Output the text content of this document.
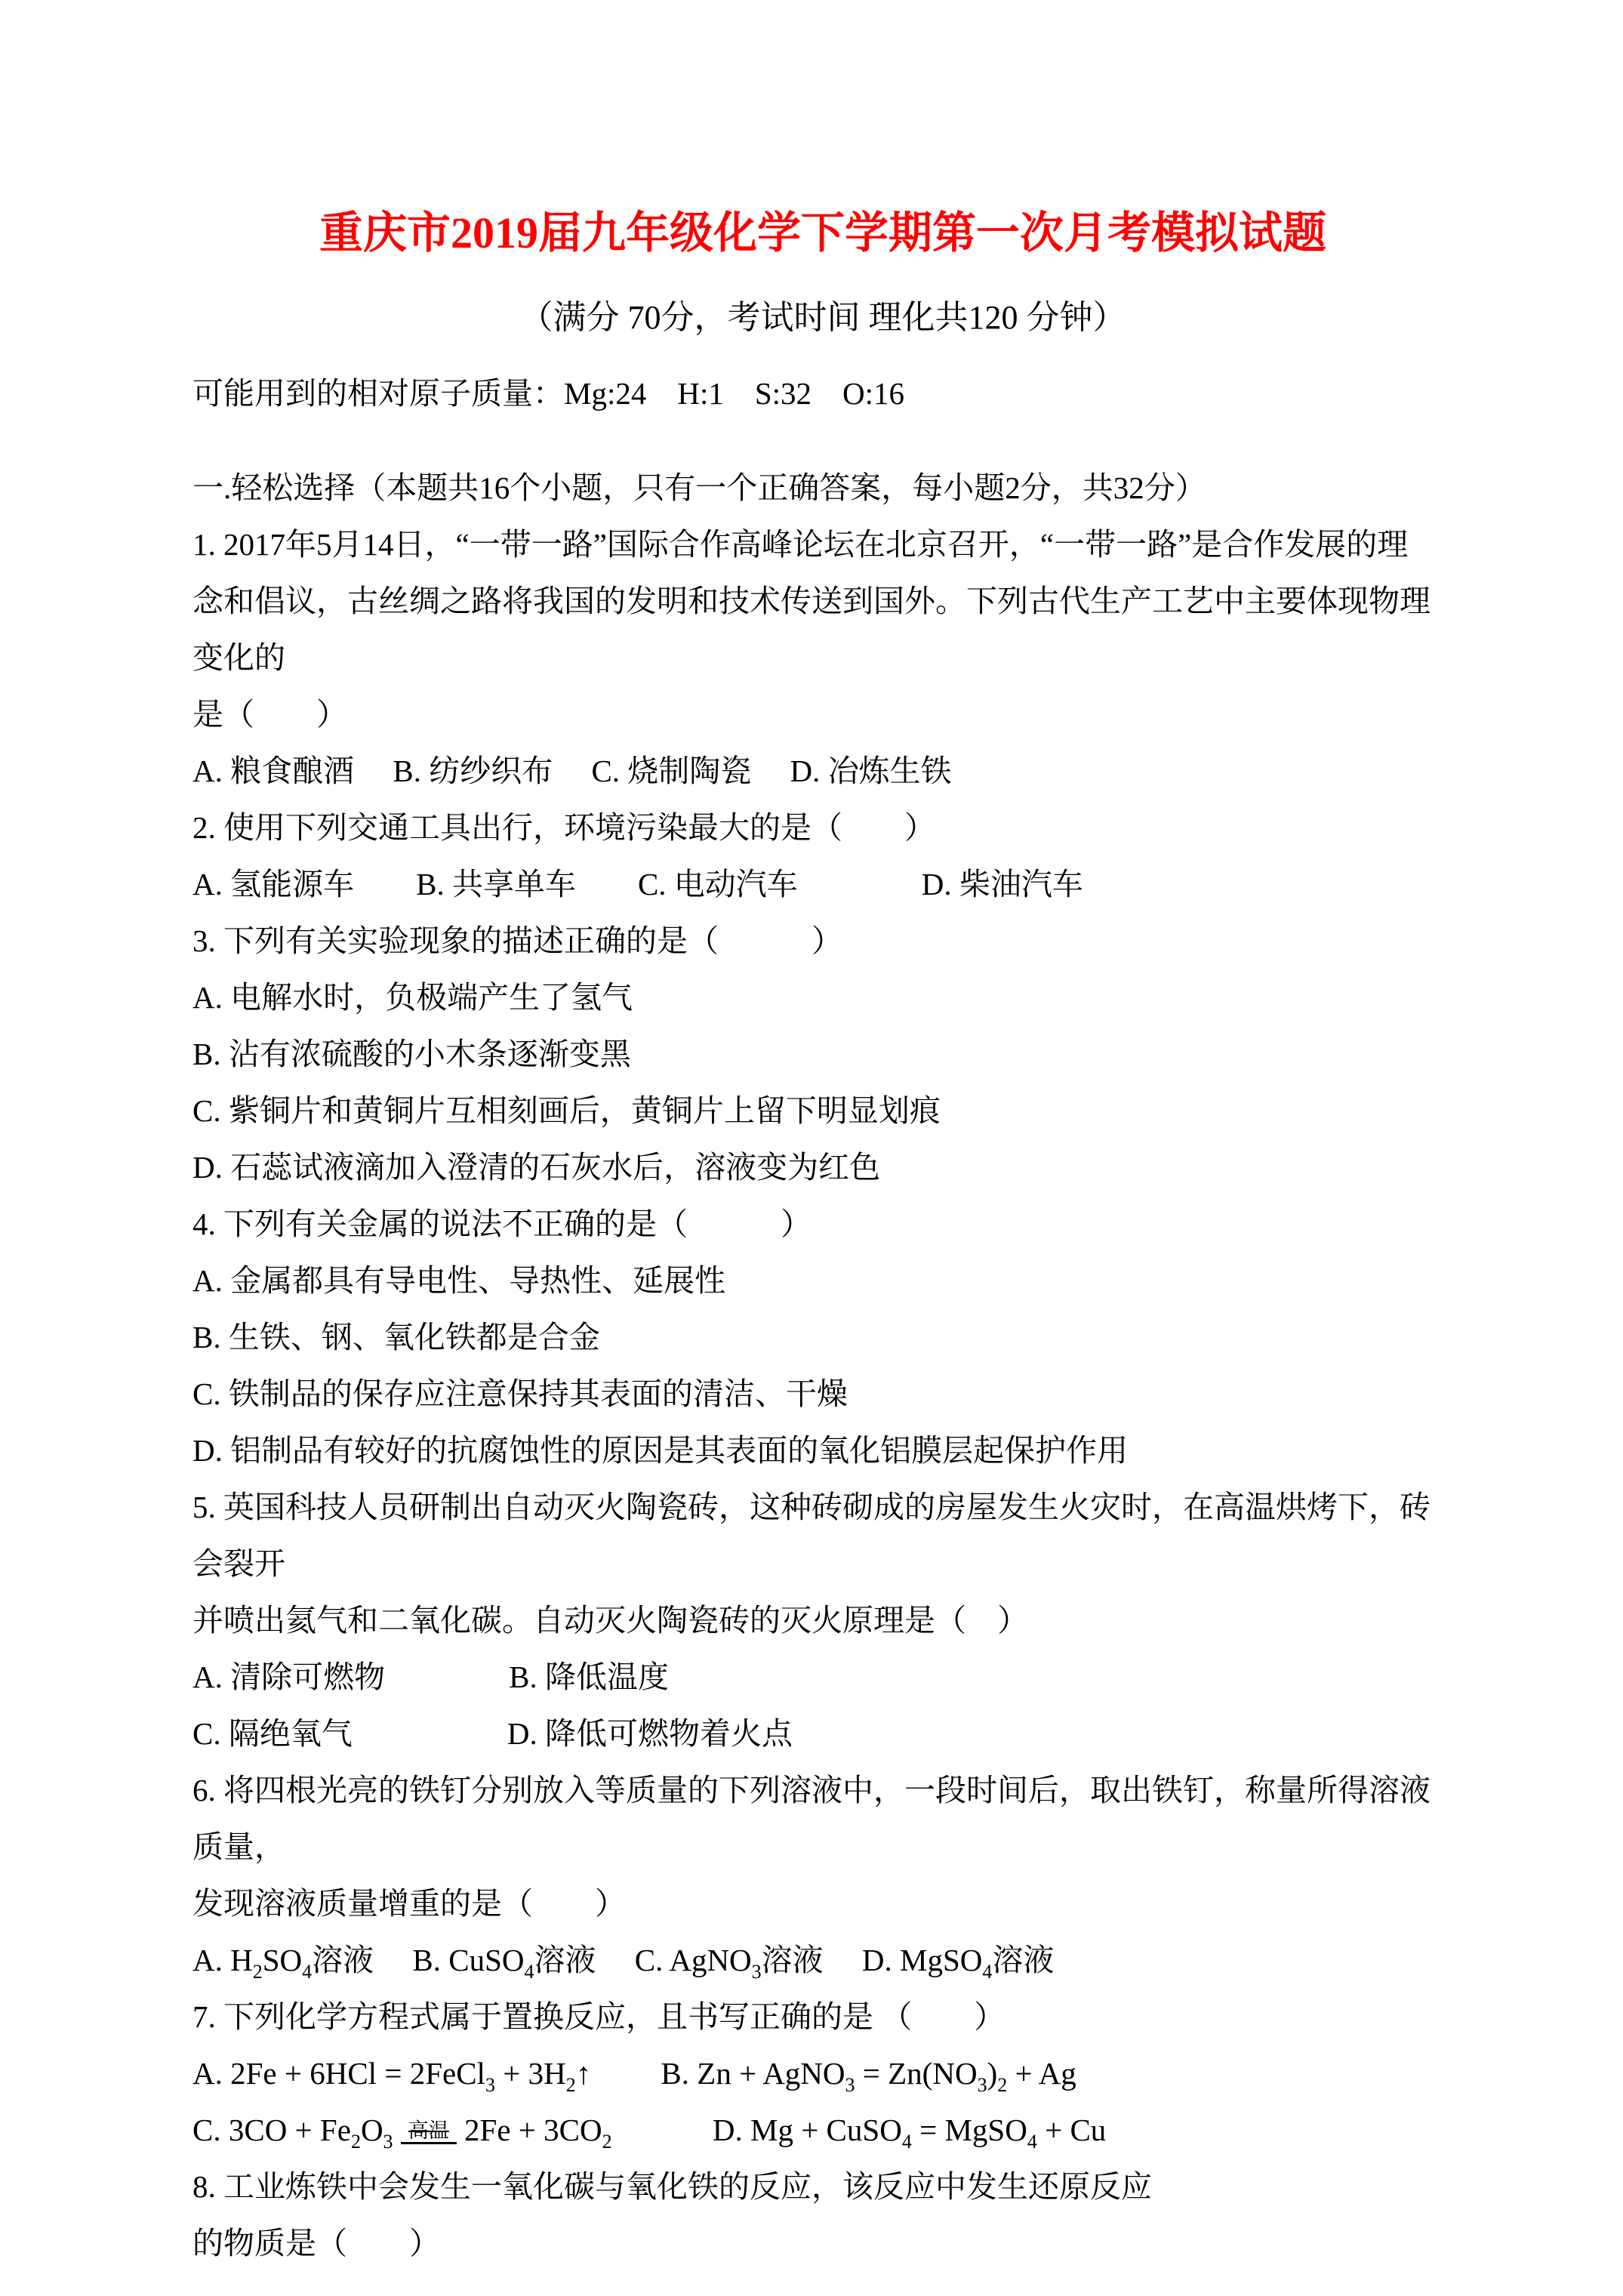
重庆市2019届九年级化学下学期第一次月考模拟试题
（满分 70分，考试时间 理化共120 分钟）
可能用到的相对原子质量：Mg:24　H:1　S:32　O:16
一.轻松选择（本题共16个小题，只有一个正确答案，每小题2分，共32分）
1. 2017年5月14日，“一带一路”国际合作高峰论坛在北京召开，“一带一路”是合作发展的理
念和倡议，古丝绸之路将我国的发明和技术传送到国外。下列古代生产工艺中主要体现物理变化的
是（　　）
A. 粮食酿酒　 B. 纺纱织布　 C. 烧制陶瓷　 D. 冶炼生铁
2. 使用下列交通工具出行，环境污染最大的是（　　）
A. 氢能源车　　B. 共享单车　　C. 电动汽车　　　　D. 柴油汽车
3. 下列有关实验现象的描述正确的是（　　　）
A. 电解水时，负极端产生了氢气
B. 沾有浓硫酸的小木条逐渐变黑
C. 紫铜片和黄铜片互相刻画后，黄铜片上留下明显划痕
D. 石蕊试液滴加入澄清的石灰水后，溶液变为红色
4. 下列有关金属的说法不正确的是（　　　）
A. 金属都具有导电性、导热性、延展性
B. 生铁、钢、氧化铁都是合金
C. 铁制品的保存应注意保持其表面的清洁、干燥
D. 铝制品有较好的抗腐蚀性的原因是其表面的氧化铝膜层起保护作用
5. 英国科技人员研制出自动灭火陶瓷砖，这种砖砌成的房屋发生火灾时，在高温烘烤下，砖会裂开
并喷出氦气和二氧化碳。自动灭火陶瓷砖的灭火原理是（　）
A. 清除可燃物　　　　B. 降低温度
C. 隔绝氧气　　　　　D. 降低可燃物着火点
6. 将四根光亮的铁钉分别放入等质量的下列溶液中，一段时间后，取出铁钉，称量所得溶液质量，
发现溶液质量增重的是（　　）
A. $H_2SO_4$溶液　 B. CuSO$_4$溶液　 C. AgNO$_3$溶液　 D. MgSO$_4$溶液
7. 下列化学方程式属于置换反应，且书写正确的是 （　　）
A. 2Fe + 6HCl = 2FeCl$_3$ + $3H_2↑$　　 B. Zn + AgNO$_3$ = $Zn(NO_3)_2 + Ag$
C. $3CO + Fe_2O_3$ 高温 $2Fe + 3CO_2$　　　 D. Mg + CuSO$_4$ = MgSO$_4$ + Cu
8. 工业炼铁中会发生一氧化碳与氧化铁的反应，该反应中发生还原反应
的物质是（　　）
